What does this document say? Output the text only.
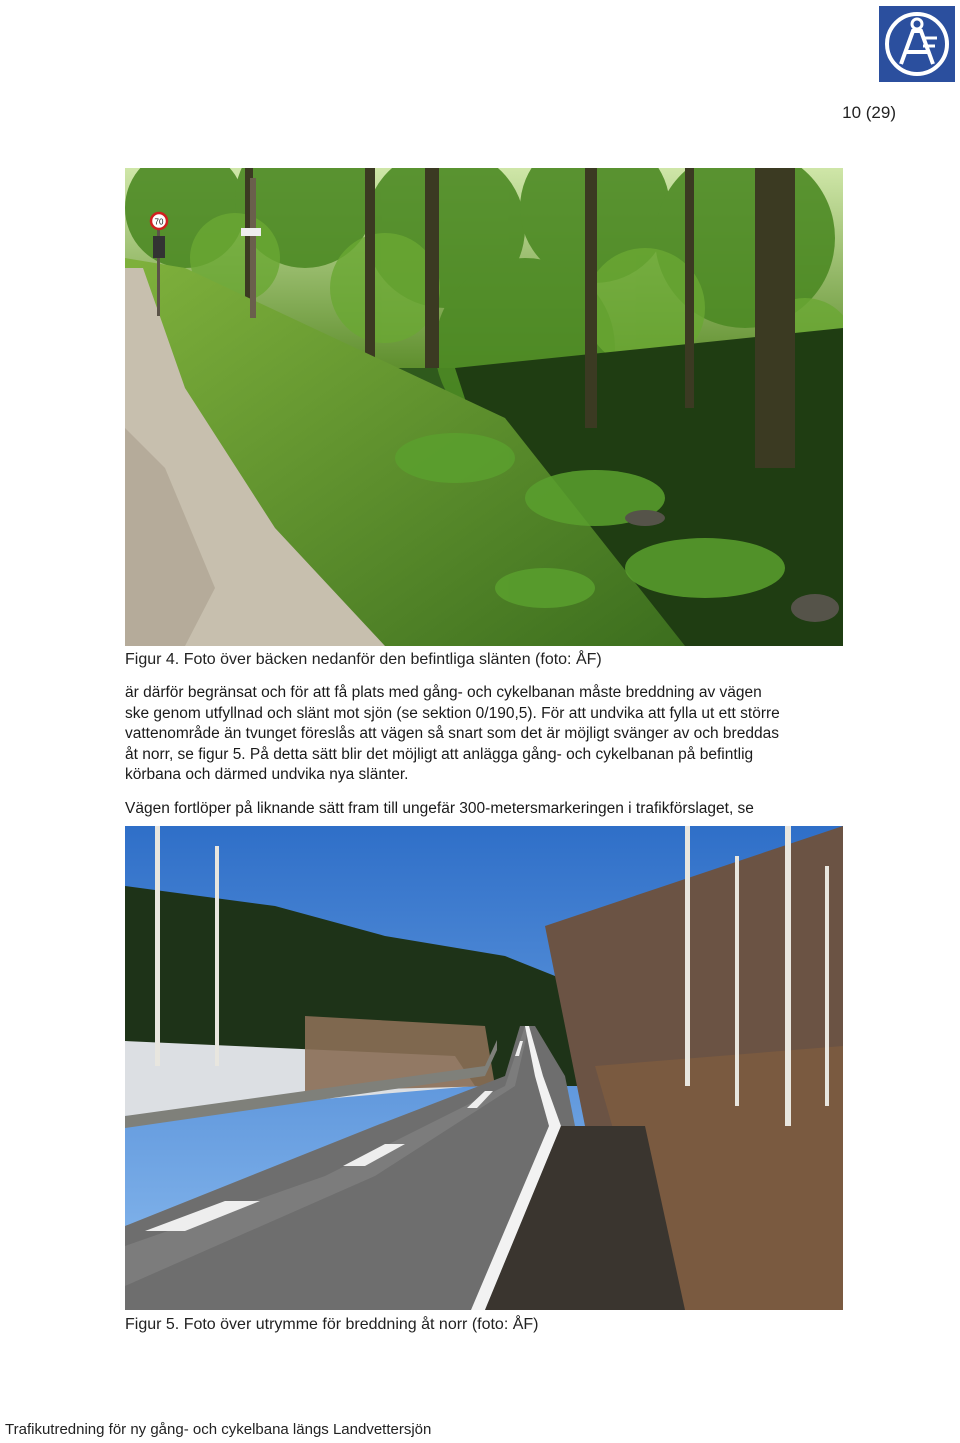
10 (29)
70
Figur 4. Foto över bäcken nedanför den befintliga slänten (foto: ÅF)
är därför begränsat och för att få plats med gång- och cykelbanan måste breddning av vägen
ske genom utfyllnad och slänt mot sjön (se sektion 0/190,5). För att undvika att fylla ut ett större
vattenområde än tvunget föreslås att vägen så snart som det är möjligt svänger av och breddas
åt norr, se figur 5. På detta sätt blir det möjligt att anlägga gång- och cykelbanan på befintlig
körbana och därmed undvika nya slänter.
Vägen fortlöper på liknande sätt fram till ungefär 300-metersmarkeringen i trafikförslaget, se
Figur 5. Foto över utrymme för breddning åt norr (foto: ÅF)
Trafikutredning för ny gång- och cykelbana längs Landvettersjön
